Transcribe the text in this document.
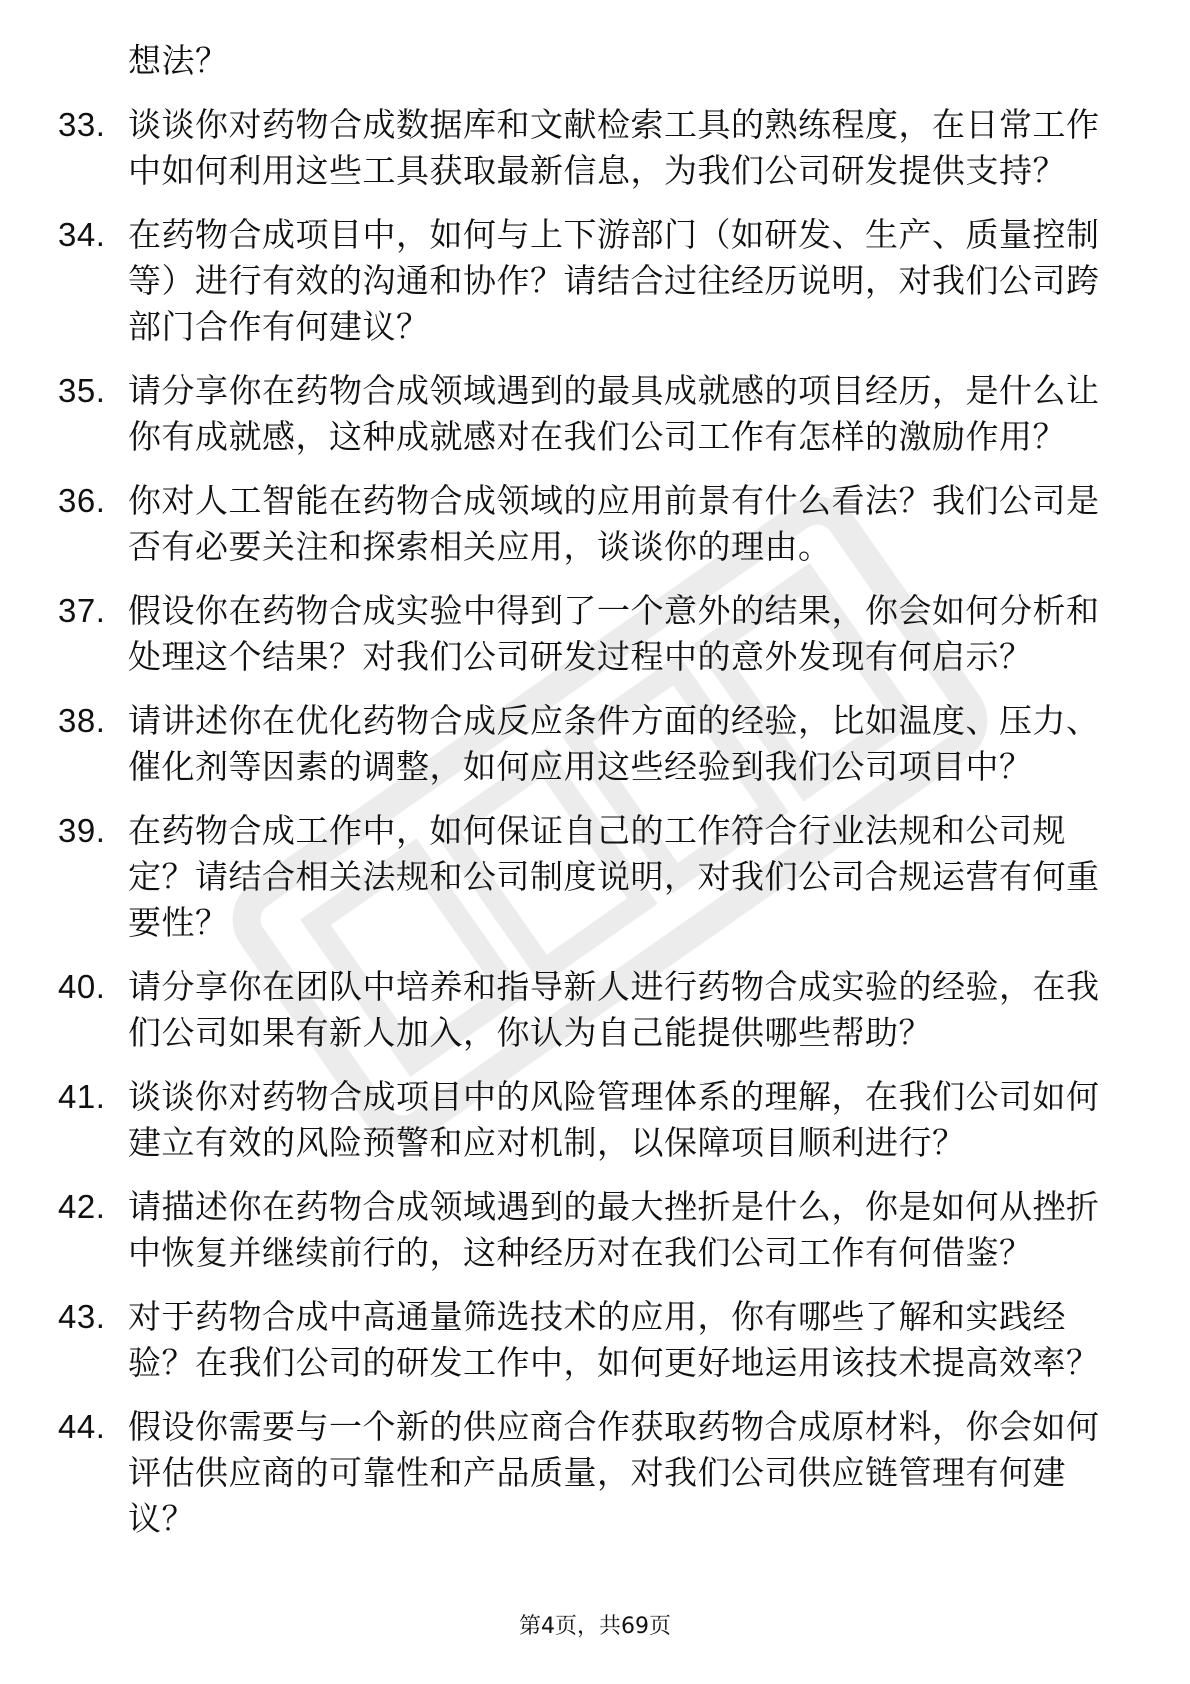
想法？
33. 谈谈你对药物合成数据库和文献检索工具的熟练程度，在日常工作中如何利用这些工具获取最新信息，为我们公司研发提供支持？
34. 在药物合成项目中，如何与上下游部门（如研发、生产、质量控制等）进行有效的沟通和协作？请结合过往经历说明，对我们公司跨部门合作有何建议？
35. 请分享你在药物合成领域遇到的最具成就感的项目经历，是什么让你有成就感，这种成就感对在我们公司工作有怎样的激励作用？
36. 你对人工智能在药物合成领域的应用前景有什么看法？我们公司是否有必要关注和探索相关应用，谈谈你的理由。
37. 假设你在药物合成实验中得到了一个意外的结果，你会如何分析和处理这个结果？对我们公司研发过程中的意外发现有何启示？
38. 请讲述你在优化药物合成反应条件方面的经验，比如温度、压力、催化剂等因素的调整，如何应用这些经验到我们公司项目中？
39. 在药物合成工作中，如何保证自己的工作符合行业法规和公司规定？请结合相关法规和公司制度说明，对我们公司合规运营有何重要性？
40. 请分享你在团队中培养和指导新人进行药物合成实验的经验，在我们公司如果有新人加入，你认为自己能提供哪些帮助？
41. 谈谈你对药物合成项目中的风险管理体系的理解，在我们公司如何建立有效的风险预警和应对机制，以保障项目顺利进行？
42. 请描述你在药物合成领域遇到的最大挫折是什么，你是如何从挫折中恢复并继续前行的，这种经历对在我们公司工作有何借鉴？
43. 对于药物合成中高通量筛选技术的应用，你有哪些了解和实践经验？在我们公司的研发工作中，如何更好地运用该技术提高效率？
44. 假设你需要与一个新的供应商合作获取药物合成原材料，你会如何评估供应商的可靠性和产品质量，对我们公司供应链管理有何建议？
第4页，共69页
